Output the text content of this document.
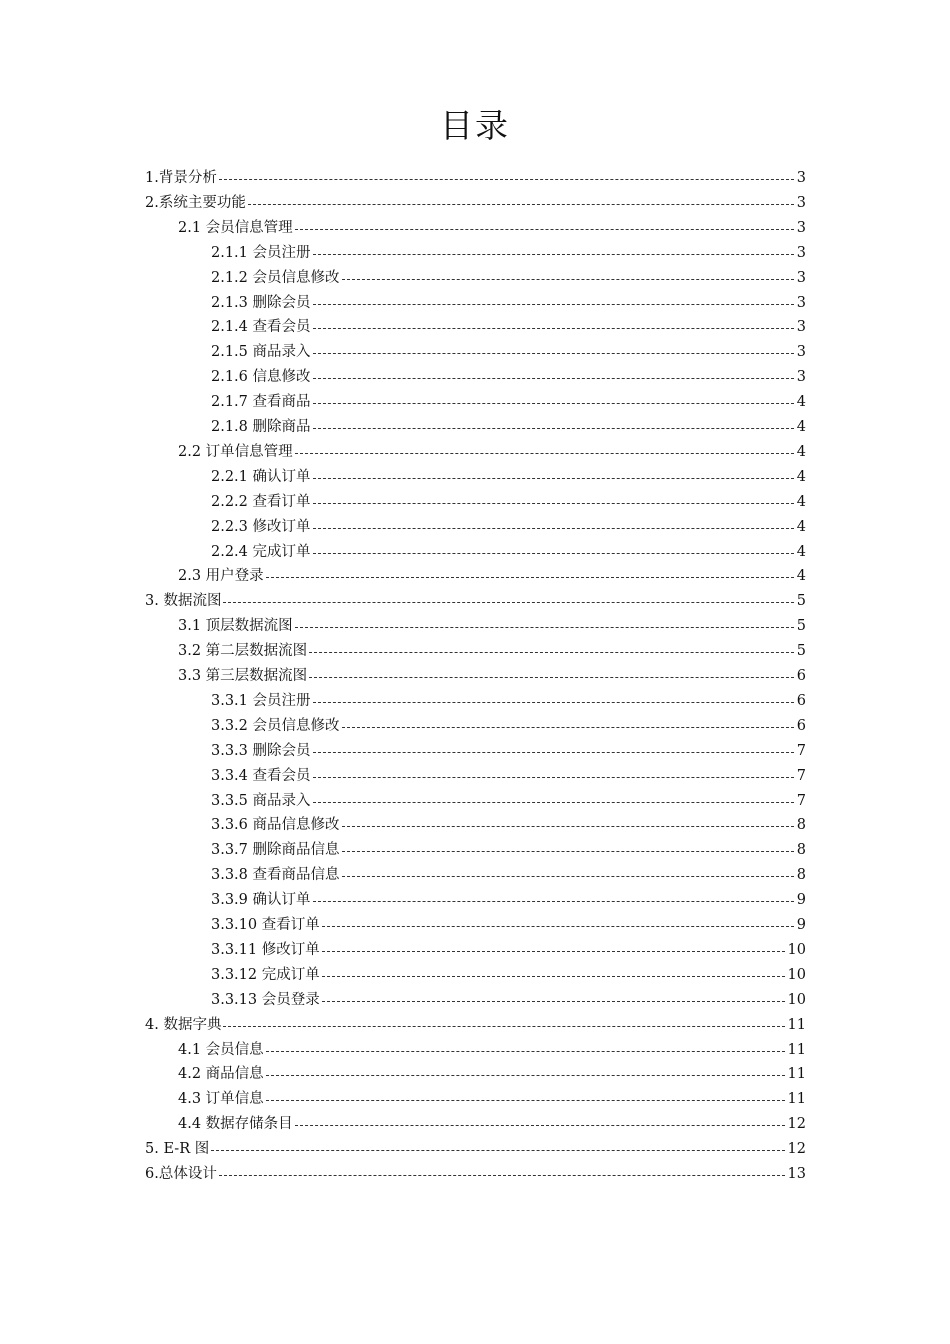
目录
1.背景分析	3
2.系统主要功能	3
2.1 会员信息管理	3
2.1.1 会员注册	3
2.1.2 会员信息修改	3
2.1.3 删除会员	3
2.1.4 查看会员	3
2.1.5 商品录入	3
2.1.6 信息修改	3
2.1.7 查看商品	4
2.1.8 删除商品	4
2.2 订单信息管理	4
2.2.1 确认订单	4
2.2.2 查看订单	4
2.2.3 修改订单	4
2.2.4 完成订单	4
2.3 用户登录	4
3. 数据流图	5
3.1 顶层数据流图	5
3.2 第二层数据流图	5
3.3 第三层数据流图	6
3.3.1 会员注册	6
3.3.2 会员信息修改	6
3.3.3 删除会员	7
3.3.4 查看会员	7
3.3.5 商品录入	7
3.3.6 商品信息修改	8
3.3.7 删除商品信息	8
3.3.8 查看商品信息	8
3.3.9 确认订单	9
3.3.10 查看订单	9
3.3.11 修改订单	10
3.3.12 完成订单	10
3.3.13 会员登录	10
4. 数据字典	11
4.1 会员信息	11
4.2 商品信息	11
4.3 订单信息	11
4.4 数据存储条目	12
5. E-R 图	12
6.总体设计	13
